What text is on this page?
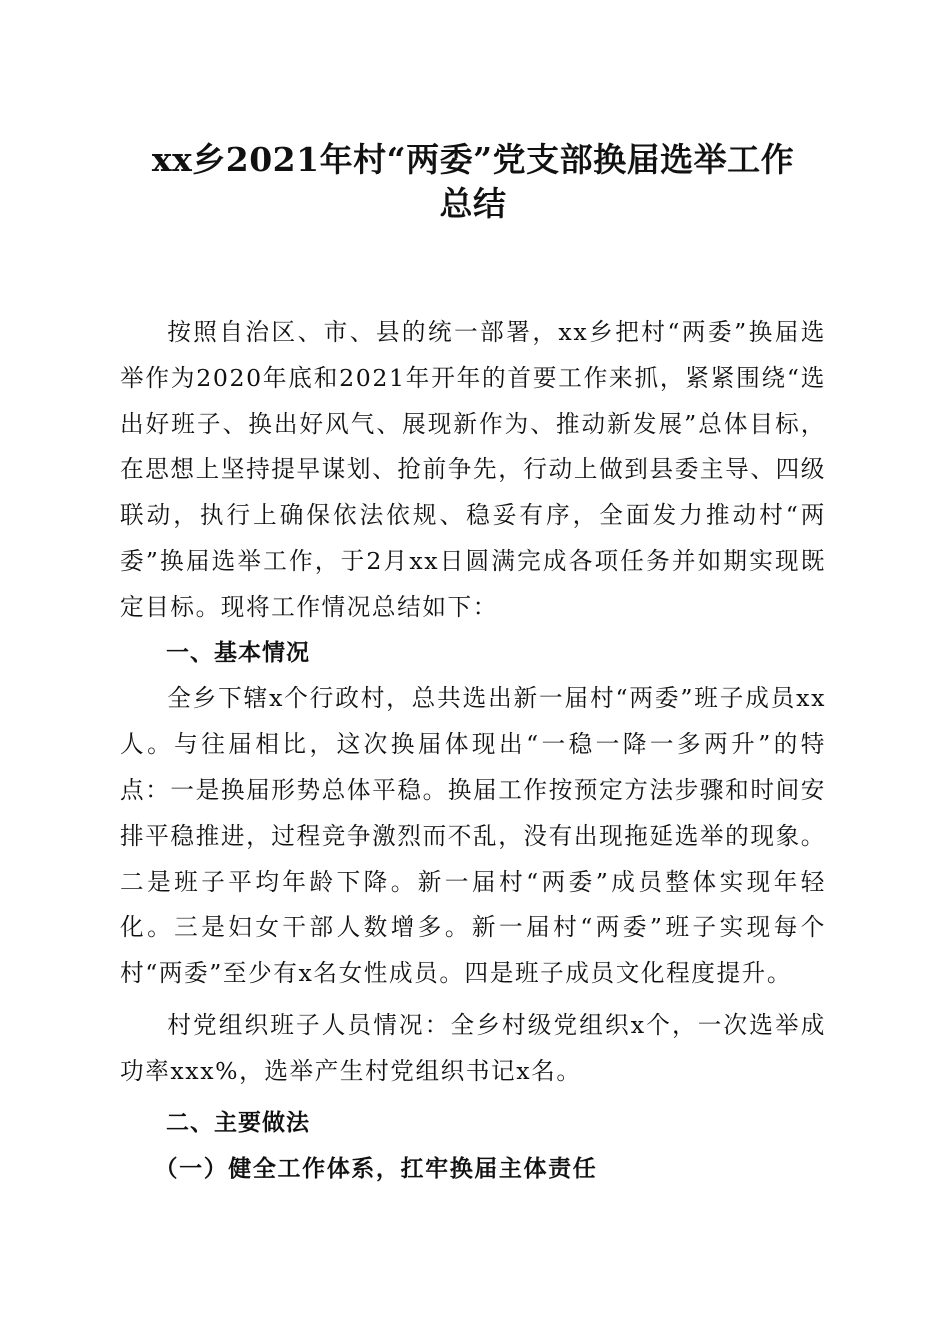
xx乡2021年村“两委”党支部换届选举工作
总结

按照自治区、市、县的统一部署，xx乡把村“两委”换届选举作为2020年底和2021年开年的首要工作来抓，紧紧围绕“选出好班子、换出好风气、展现新作为、推动新发展”总体目标，在思想上坚持提早谋划、抢前争先，行动上做到县委主导、四级联动，执行上确保依法依规、稳妥有序，全面发力推动村“两委”换届选举工作，于2月xx日圆满完成各项任务并如期实现既定目标。现将工作情况总结如下：

一、基本情况

全乡下辖x个行政村，总共选出新一届村“两委”班子成员xx人。与往届相比，这次换届体现出“一稳一降一多两升”的特点：一是换届形势总体平稳。换届工作按预定方法步骤和时间安排平稳推进，过程竞争激烈而不乱，没有出现拖延选举的现象。二是班子平均年龄下降。新一届村“两委”成员整体实现年轻化。三是妇女干部人数增多。新一届村“两委”班子实现每个村“两委”至少有x名女性成员。四是班子成员文化程度提升。

村党组织班子人员情况：全乡村级党组织x个，一次选举成功率xxx%，选举产生村党组织书记x名。

二、主要做法
（一）健全工作体系，扛牢换届主体责任
